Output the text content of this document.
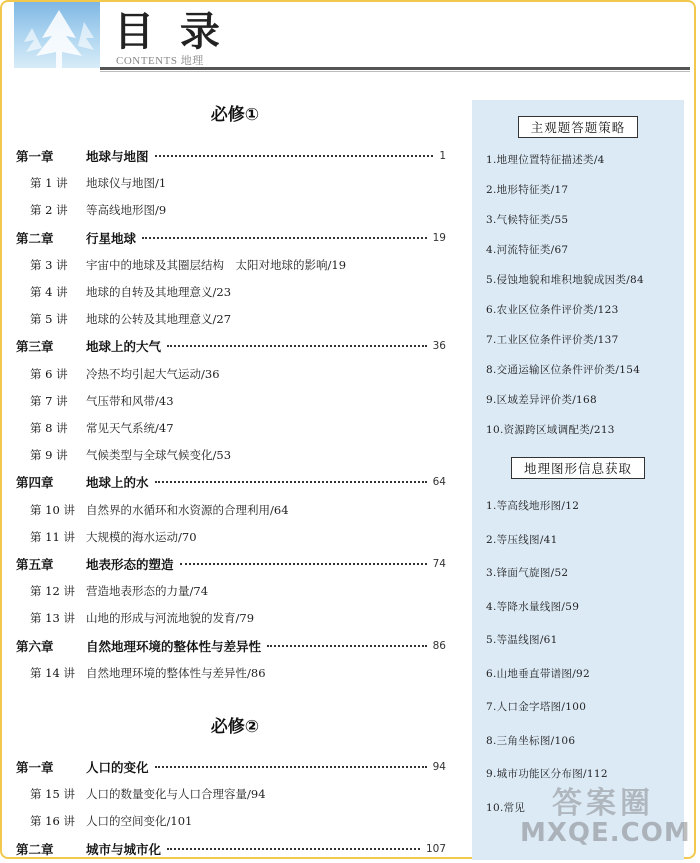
目 录
CONTENTS 地理
必修①
第一章	地球与地图	1
第 1 讲	地球仪与地图/1
第 2 讲	等高线地形图/9
第二章	行星地球	19
第 3 讲	宇宙中的地球及其圈层结构　太阳对地球的影响/19
第 4 讲	地球的自转及其地理意义/23
第 5 讲	地球的公转及其地理意义/27
第三章	地球上的大气	36
第 6 讲	冷热不均引起大气运动/36
第 7 讲	气压带和风带/43
第 8 讲	常见天气系统/47
第 9 讲	气候类型与全球气候变化/53
第四章	地球上的水	64
第 10 讲 自然界的水循环和水资源的合理利用/64
第 11 讲 大规模的海水运动/70
第五章	地表形态的塑造	74
第 12 讲 营造地表形态的力量/74
第 13 讲 山地的形成与河流地貌的发育/79
第六章	自然地理环境的整体性与差异性	86
第 14 讲 自然地理环境的整体性与差异性/86
必修②
第一章	人口的变化	94
第 15 讲 人口的数量变化与人口合理容量/94
第 16 讲 人口的空间变化/101
第二章	城市与城市化	107
主观题答题策略
1.地理位置特征描述类/4
2.地形特征类/17
3.气候特征类/55
4.河流特征类/67
5.侵蚀地貌和堆积地貌成因类/84
6.农业区位条件评价类/123
7.工业区位条件评价类/137
8.交通运输区位条件评价类/154
9.区域差异评价类/168
10.资源跨区域调配类/213
地理图形信息获取
1.等高线地形图/12
2.等压线图/41
3.锋面气旋图/52
4.等降水量线图/59
5.等温线图/61
6.山地垂直带谱图/92
7.人口金字塔图/100
8.三角坐标图/106
9.城市功能区分布图/112
10.常见 答案圈
MXQE.COM
